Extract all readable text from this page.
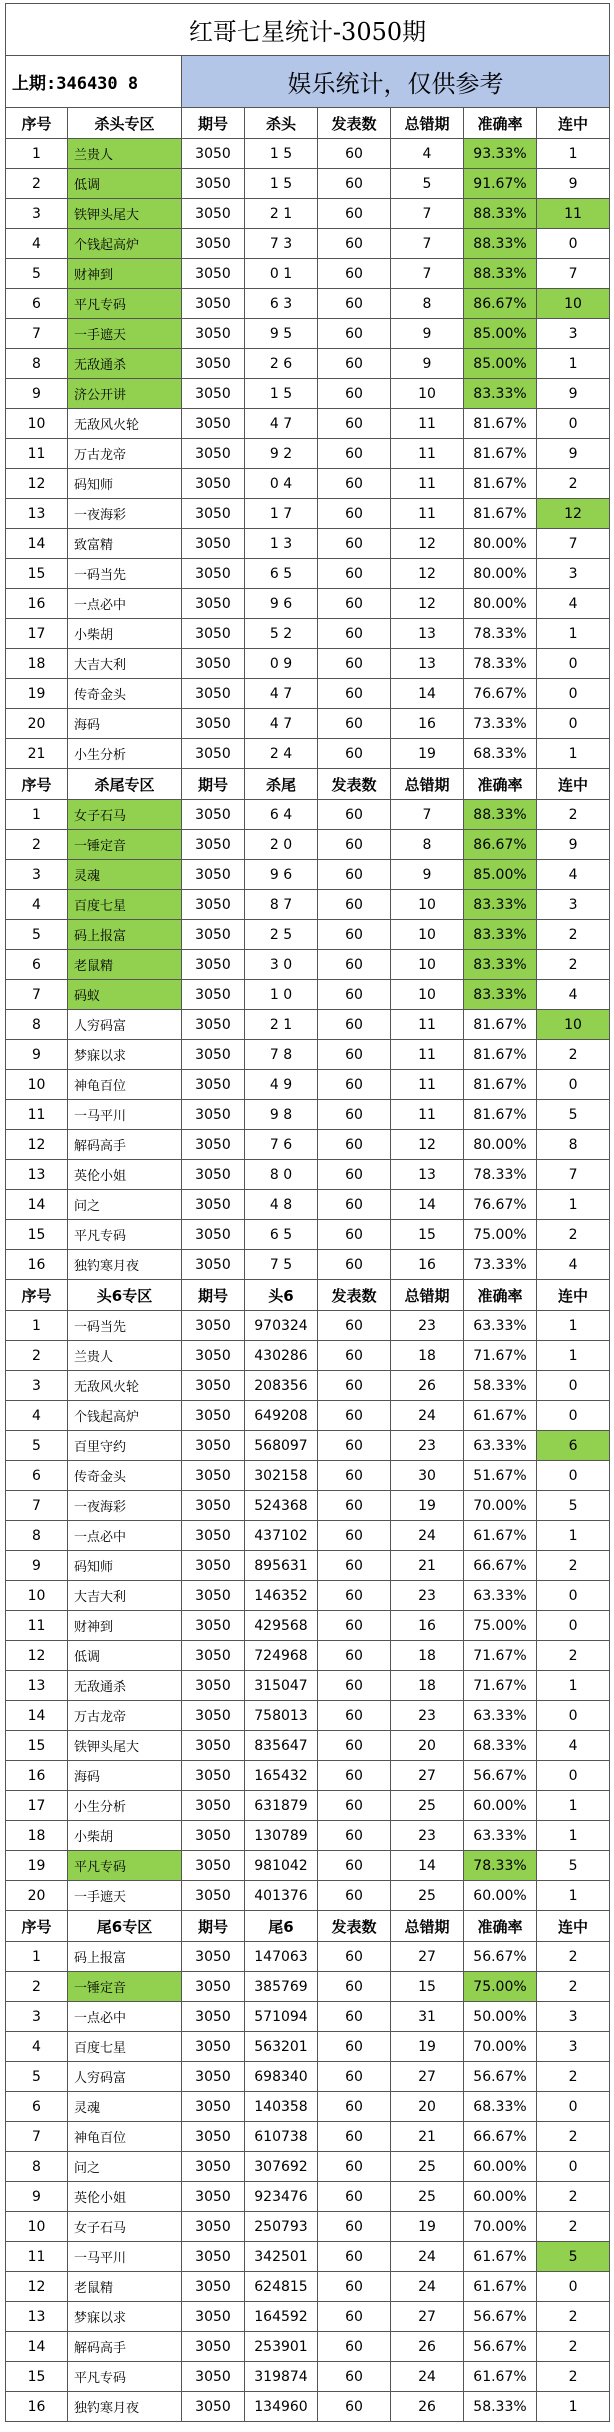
红哥七星统计-3050期							
上期:346430 8		娱乐统计，仅供参考					
序号	杀头专区	期号	杀头	发表数	总错期	准确率	连中
1	兰贵人	3050	1 5	60	4	93.33%	1
2	低调	3050	1 5	60	5	91.67%	9
3	铁钾头尾大	3050	2 1	60	7	88.33%	11
4	个钱起高炉	3050	7 3	60	7	88.33%	0
5	财神到	3050	0 1	60	7	88.33%	7
6	平凡专码	3050	6 3	60	8	86.67%	10
7	一手遮天	3050	9 5	60	9	85.00%	3
8	无敌通杀	3050	2 6	60	9	85.00%	1
9	济公开讲	3050	1 5	60	10	83.33%	9
10	无敌风火轮	3050	4 7	60	11	81.67%	0
11	万古龙帝	3050	9 2	60	11	81.67%	9
12	码知师	3050	0 4	60	11	81.67%	2
13	一夜海彩	3050	1 7	60	11	81.67%	12
14	致富精	3050	1 3	60	12	80.00%	7
15	一码当先	3050	6 5	60	12	80.00%	3
16	一点必中	3050	9 6	60	12	80.00%	4
17	小柴胡	3050	5 2	60	13	78.33%	1
18	大吉大利	3050	0 9	60	13	78.33%	0
19	传奇金头	3050	4 7	60	14	76.67%	0
20	海码	3050	4 7	60	16	73.33%	0
21	小生分析	3050	2 4	60	19	68.33%	1
序号	杀尾专区	期号	杀尾	发表数	总错期	准确率	连中
1	女子石马	3050	6 4	60	7	88.33%	2
2	一锤定音	3050	2 0	60	8	86.67%	9
3	灵魂	3050	9 6	60	9	85.00%	4
4	百度七星	3050	8 7	60	10	83.33%	3
5	码上报富	3050	2 5	60	10	83.33%	2
6	老鼠精	3050	3 0	60	10	83.33%	2
7	码蚁	3050	1 0	60	10	83.33%	4
8	人穷码富	3050	2 1	60	11	81.67%	10
9	梦寐以求	3050	7 8	60	11	81.67%	2
10	神龟百位	3050	4 9	60	11	81.67%	0
11	一马平川	3050	9 8	60	11	81.67%	5
12	解码高手	3050	7 6	60	12	80.00%	8
13	英伦小姐	3050	8 0	60	13	78.33%	7
14	问之	3050	4 8	60	14	76.67%	1
15	平凡专码	3050	6 5	60	15	75.00%	2
16	独钓寒月夜	3050	7 5	60	16	73.33%	4
序号	头6专区	期号	头6	发表数	总错期	准确率	连中
1	一码当先	3050	970324	60	23	63.33%	1
2	兰贵人	3050	430286	60	18	71.67%	1
3	无敌风火轮	3050	208356	60	26	58.33%	0
4	个钱起高炉	3050	649208	60	24	61.67%	0
5	百里守约	3050	568097	60	23	63.33%	6
6	传奇金头	3050	302158	60	30	51.67%	0
7	一夜海彩	3050	524368	60	19	70.00%	5
8	一点必中	3050	437102	60	24	61.67%	1
9	码知师	3050	895631	60	21	66.67%	2
10	大吉大利	3050	146352	60	23	63.33%	0
11	财神到	3050	429568	60	16	75.00%	0
12	低调	3050	724968	60	18	71.67%	2
13	无敌通杀	3050	315047	60	18	71.67%	1
14	万古龙帝	3050	758013	60	23	63.33%	0
15	铁钾头尾大	3050	835647	60	20	68.33%	4
16	海码	3050	165432	60	27	56.67%	0
17	小生分析	3050	631879	60	25	60.00%	1
18	小柴胡	3050	130789	60	23	63.33%	1
19	平凡专码	3050	981042	60	14	78.33%	5
20	一手遮天	3050	401376	60	25	60.00%	1
序号	尾6专区	期号	尾6	发表数	总错期	准确率	连中
1	码上报富	3050	147063	60	27	56.67%	2
2	一锤定音	3050	385769	60	15	75.00%	2
3	一点必中	3050	571094	60	31	50.00%	3
4	百度七星	3050	563201	60	19	70.00%	3
5	人穷码富	3050	698340	60	27	56.67%	2
6	灵魂	3050	140358	60	20	68.33%	0
7	神龟百位	3050	610738	60	21	66.67%	2
8	问之	3050	307692	60	25	60.00%	0
9	英伦小姐	3050	923476	60	25	60.00%	2
10	女子石马	3050	250793	60	19	70.00%	2
11	一马平川	3050	342501	60	24	61.67%	5
12	老鼠精	3050	624815	60	24	61.67%	0
13	梦寐以求	3050	164592	60	27	56.67%	2
14	解码高手	3050	253901	60	26	56.67%	2
15	平凡专码	3050	319874	60	24	61.67%	2
16	独钓寒月夜	3050	134960	60	26	58.33%	1
